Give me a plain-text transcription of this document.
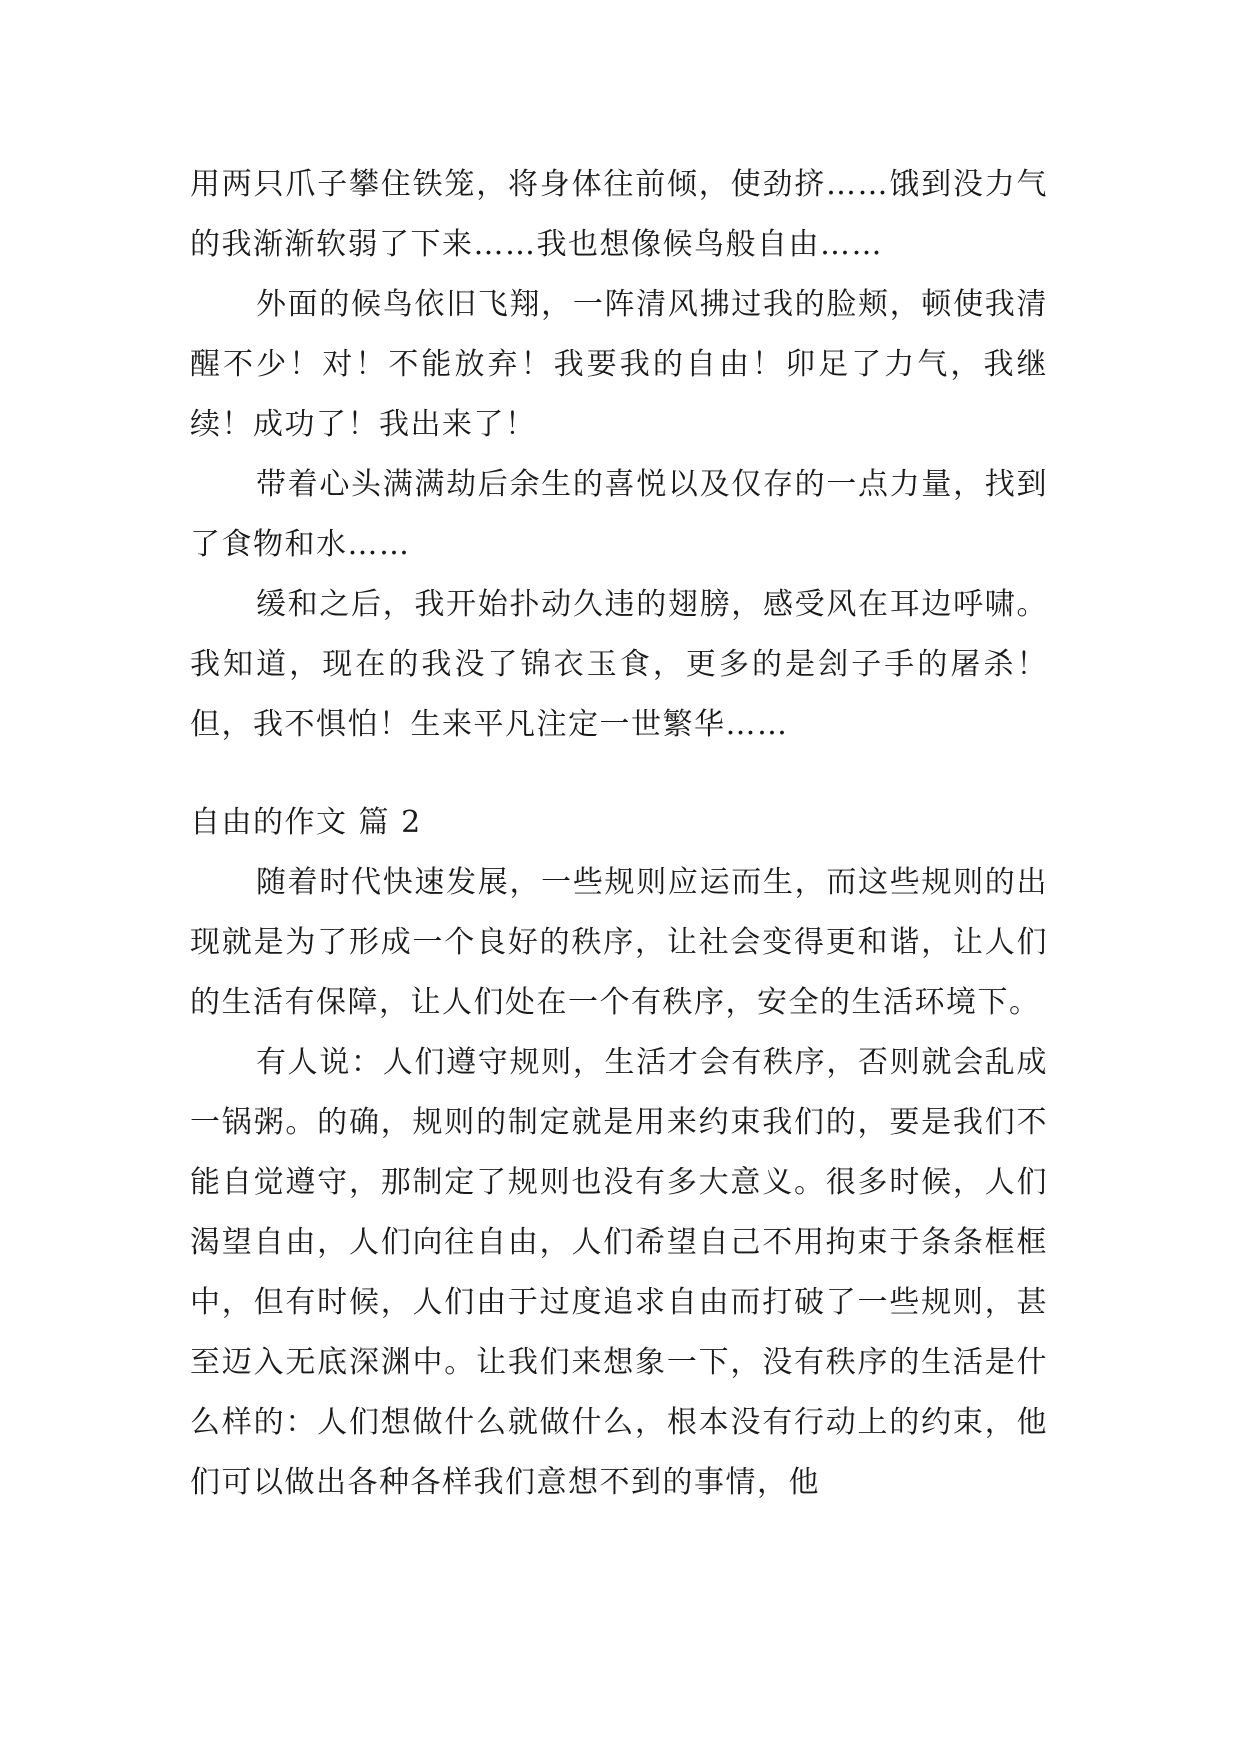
用两只爪子攀住铁笼，将身体往前倾，使劲挤……饿到没力气的我渐渐软弱了下来……我也想像候鸟般自由……

外面的候鸟依旧飞翔，一阵清风拂过我的脸颊，顿使我清醒不少！对！不能放弃！我要我的自由！卯足了力气，我继续！成功了！我出来了！

带着心头满满劫后余生的喜悦以及仅存的一点力量，找到了食物和水……

缓和之后，我开始扑动久违的翅膀，感受风在耳边呼啸。我知道，现在的我没了锦衣玉食，更多的是刽子手的屠杀！但，我不惧怕！生来平凡注定一世繁华……

自由的作文 篇 2

随着时代快速发展，一些规则应运而生，而这些规则的出现就是为了形成一个良好的秩序，让社会变得更和谐，让人们的生活有保障，让人们处在一个有秩序，安全的生活环境下。

有人说：人们遵守规则，生活才会有秩序，否则就会乱成一锅粥。的确，规则的制定就是用来约束我们的，要是我们不能自觉遵守，那制定了规则也没有多大意义。很多时候，人们渴望自由，人们向往自由，人们希望自己不用拘束于条条框框中，但有时候，人们由于过度追求自由而打破了一些规则，甚至迈入无底深渊中。让我们来想象一下，没有秩序的生活是什么样的：人们想做什么就做什么，根本没有行动上的约束，他们可以做出各种各样我们意想不到的事情，他
